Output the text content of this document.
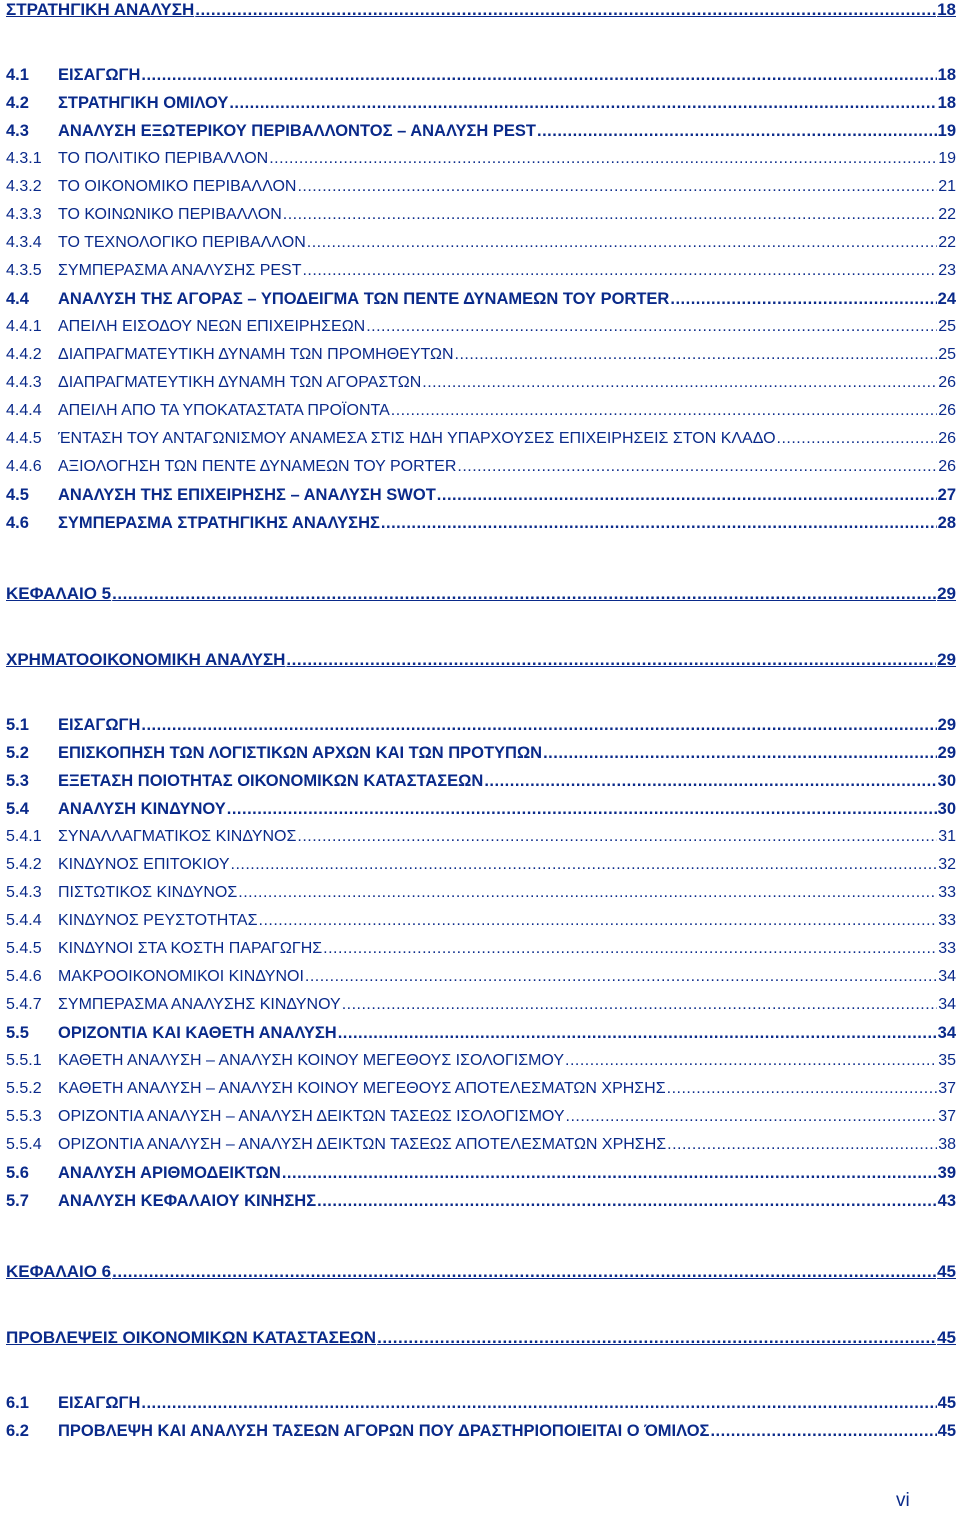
ΣΤΡΑΤΗΓΙΚΗ ΑΝΑΛΥΣΗ .....	18
4.1	ΕΙΣΑΓΩΓΗ .....	18
4.2	ΣΤΡΑΤΗΓΙΚΗ ΟΜΙΛΟΥ .....	18
4.3	ΑΝΑΛΥΣΗ ΕΞΩΤΕΡΙΚΟΥ ΠΕΡΙΒΑΛΛΟΝΤΟΣ – ΑΝΑΛΥΣΗ PEST .....	19
4.3.1	ΤΟ ΠΟΛΙΤΙΚΟ ΠΕΡΙΒΑΛΛΟΝ .....	19
4.3.2	ΤΟ ΟΙΚΟΝΟΜΙΚΟ ΠΕΡΙΒΑΛΛΟΝ .....	21
4.3.3	ΤΟ ΚΟΙΝΩΝΙΚΟ ΠΕΡΙΒΑΛΛΟΝ .....	22
4.3.4	ΤΟ ΤΕΧΝΟΛΟΓΙΚΟ ΠΕΡΙΒΑΛΛΟΝ .....	22
4.3.5	ΣΥΜΠΕΡΑΣΜΑ ΑΝΑΛΥΣΗΣ PEST .....	23
4.4	ΑΝΑΛΥΣΗ ΤΗΣ ΑΓΟΡΑΣ – ΥΠΟΔΕΙΓΜΑ ΤΩΝ ΠΕΝΤΕ ΔΥΝΑΜΕΩΝ ΤΟΥ PORTER .....	24
4.4.1	ΑΠΕΙΛΗ ΕΙΣΟΔΟΥ ΝΕΩΝ ΕΠΙΧΕΙΡΗΣΕΩΝ .....	25
4.4.2	ΔΙΑΠΡΑΓΜΑΤΕΥΤΙΚΗ ΔΥΝΑΜΗ ΤΩΝ ΠΡΟΜΗΘΕΥΤΩΝ .....	25
4.4.3	ΔΙΑΠΡΑΓΜΑΤΕΥΤΙΚΗ ΔΥΝΑΜΗ ΤΩΝ ΑΓΟΡΑΣΤΩΝ .....	26
4.4.4	ΑΠΕΙΛΗ ΑΠΟ ΤΑ ΥΠΟΚΑΤΑΣΤΑΤΑ ΠΡΟΪΟΝΤΑ .....	26
4.4.5	ΈΝΤΑΣΗ ΤΟΥ ΑΝΤΑΓΩΝΙΣΜΟΥ ΑΝΑΜΕΣΑ ΣΤΙΣ ΗΔΗ ΥΠΑΡΧΟΥΣΕΣ ΕΠΙΧΕΙΡΗΣΕΙΣ ΣΤΟΝ ΚΛΑΔΟ .....	26
4.4.6	ΑΞΙΟΛΟΓΗΣΗ ΤΩΝ ΠΕΝΤΕ ΔΥΝΑΜΕΩΝ ΤΟΥ PORTER .....	26
4.5	ΑΝΑΛΥΣΗ ΤΗΣ ΕΠΙΧΕΙΡΗΣΗΣ – ΑΝΑΛΥΣΗ SWOT .....	27
4.6	ΣΥΜΠΕΡΑΣΜΑ ΣΤΡΑΤΗΓΙΚΗΣ ΑΝΑΛΥΣΗΣ .....	28
ΚΕΦΑΛΑΙΟ 5 .....	29
ΧΡΗΜΑΤΟΟΙΚΟΝΟΜΙΚΗ ΑΝΑΛΥΣΗ .....	29
5.1	ΕΙΣΑΓΩΓΗ .....	29
5.2	ΕΠΙΣΚΟΠΗΣΗ ΤΩΝ ΛΟΓΙΣΤΙΚΩΝ ΑΡΧΩΝ ΚΑΙ ΤΩΝ ΠΡΟΤΥΠΩΝ .....	29
5.3	ΕΞΕΤΑΣΗ ΠΟΙΟΤΗΤΑΣ ΟΙΚΟΝΟΜΙΚΩΝ ΚΑΤΑΣΤΑΣΕΩΝ .....	30
5.4	ΑΝΑΛΥΣΗ ΚΙΝΔΥΝΟΥ .....	30
5.4.1	ΣΥΝΑΛΛΑΓΜΑΤΙΚΟΣ ΚΙΝΔΥΝΟΣ .....	31
5.4.2	ΚΙΝΔΥΝΟΣ ΕΠΙΤΟΚΙΟΥ .....	32
5.4.3	ΠΙΣΤΩΤΙΚΟΣ ΚΙΝΔΥΝΟΣ .....	33
5.4.4	ΚΙΝΔΥΝΟΣ ΡΕΥΣΤΟΤΗΤΑΣ .....	33
5.4.5	ΚΙΝΔΥΝΟΙ ΣΤΑ ΚΟΣΤΗ ΠΑΡΑΓΩΓΗΣ .....	33
5.4.6	ΜΑΚΡΟΟΙΚΟΝΟΜΙΚΟΙ ΚΙΝΔΥΝΟΙ .....	34
5.4.7	ΣΥΜΠΕΡΑΣΜΑ ΑΝΑΛΥΣΗΣ ΚΙΝΔΥΝΟΥ .....	34
5.5	ΟΡΙΖΟΝΤΙΑ ΚΑΙ ΚΑΘΕΤΗ ΑΝΑΛΥΣΗ .....	34
5.5.1	ΚΑΘΕΤΗ ΑΝΑΛΥΣΗ – ΑΝΑΛΥΣΗ ΚΟΙΝΟΥ ΜΕΓΕΘΟΥΣ ΙΣΟΛΟΓΙΣΜΟΥ .....	35
5.5.2	ΚΑΘΕΤΗ ΑΝΑΛΥΣΗ – ΑΝΑΛΥΣΗ ΚΟΙΝΟΥ ΜΕΓΕΘΟΥΣ ΑΠΟΤΕΛΕΣΜΑΤΩΝ ΧΡΗΣΗΣ .....	37
5.5.3	ΟΡΙΖΟΝΤΙΑ ΑΝΑΛΥΣΗ – ΑΝΑΛΥΣΗ ΔΕΙΚΤΩΝ ΤΑΣΕΩΣ ΙΣΟΛΟΓΙΣΜΟΥ .....	37
5.5.4	ΟΡΙΖΟΝΤΙΑ ΑΝΑΛΥΣΗ – ΑΝΑΛΥΣΗ ΔΕΙΚΤΩΝ ΤΑΣΕΩΣ ΑΠΟΤΕΛΕΣΜΑΤΩΝ ΧΡΗΣΗΣ .....	38
5.6	ΑΝΑΛΥΣΗ ΑΡΙΘΜΟΔΕΙΚΤΩΝ .....	39
5.7	ΑΝΑΛΥΣΗ ΚΕΦΑΛΑΙΟΥ ΚΙΝΗΣΗΣ .....	43
ΚΕΦΑΛΑΙΟ 6 .....	45
ΠΡΟΒΛΕΨΕΙΣ ΟΙΚΟΝΟΜΙΚΩΝ ΚΑΤΑΣΤΑΣΕΩΝ .....	45
6.1	ΕΙΣΑΓΩΓΗ .....	45
6.2	ΠΡΟΒΛΕΨΗ ΚΑΙ ΑΝΑΛΥΣΗ ΤΑΣΕΩΝ ΑΓΟΡΩΝ ΠΟΥ ΔΡΑΣΤΗΡΙΟΠΟΙΕΙΤΑΙ Ο ΌΜΙΛΟΣ .....	45
vi
